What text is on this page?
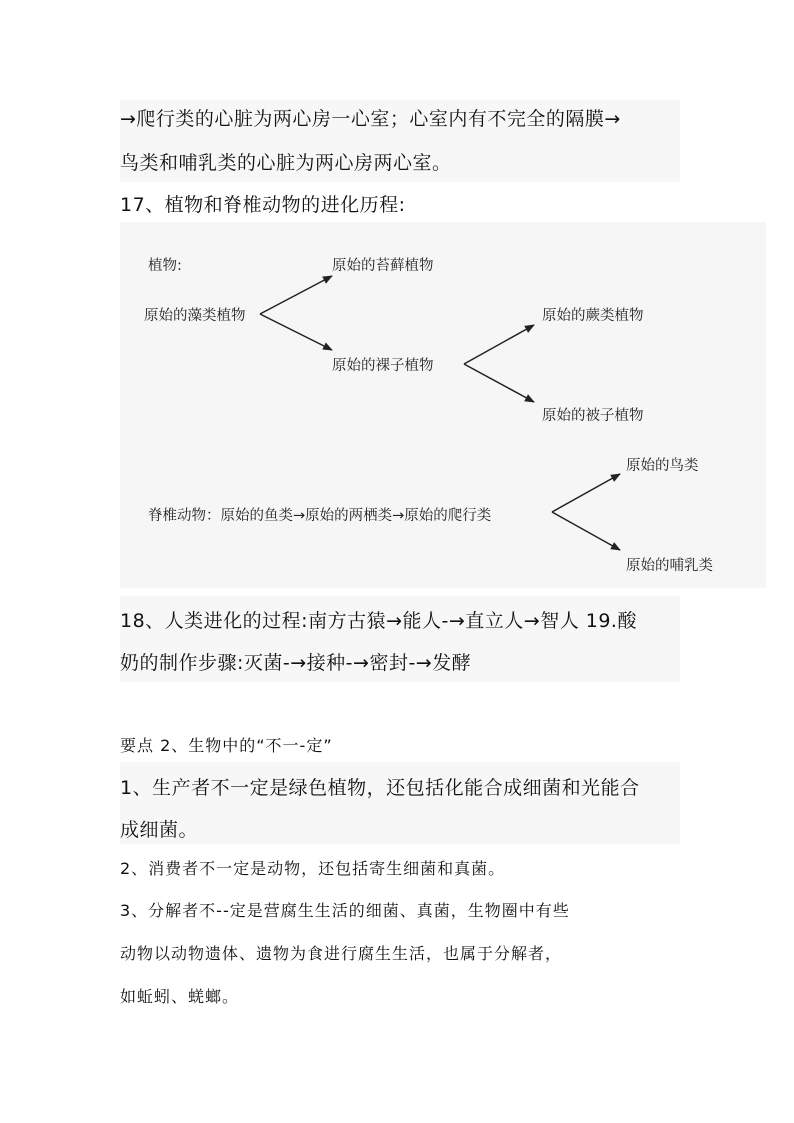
→爬行类的心脏为两心房一心室；心室内有不完全的隔膜→
鸟类和哺乳类的心脏为两心房两心室。
17、植物和脊椎动物的进化历程:
植物:
原始的藻类植物
原始的苔藓植物
原始的裸子植物
原始的蕨类植物
原始的被子植物
原始的鸟类
脊椎动物：原始的鱼类→原始的两栖类→原始的爬行类
原始的哺乳类
18、人类进化的过程:南方古猿→能人-→直立人→智人 19.酸
奶的制作步骤:灭菌-→接种-→密封-→发酵
要点 2、生物中的“不一-定”
1、生产者不一定是绿色植物，还包括化能合成细菌和光能合
成细菌。
2、消费者不一定是动物，还包括寄生细菌和真菌。
3、分解者不--定是营腐生生活的细菌、真菌，生物圈中有些
动物以动物遗体、遗物为食进行腐生生活，也属于分解者，
如蚯蚓、蜣螂。
